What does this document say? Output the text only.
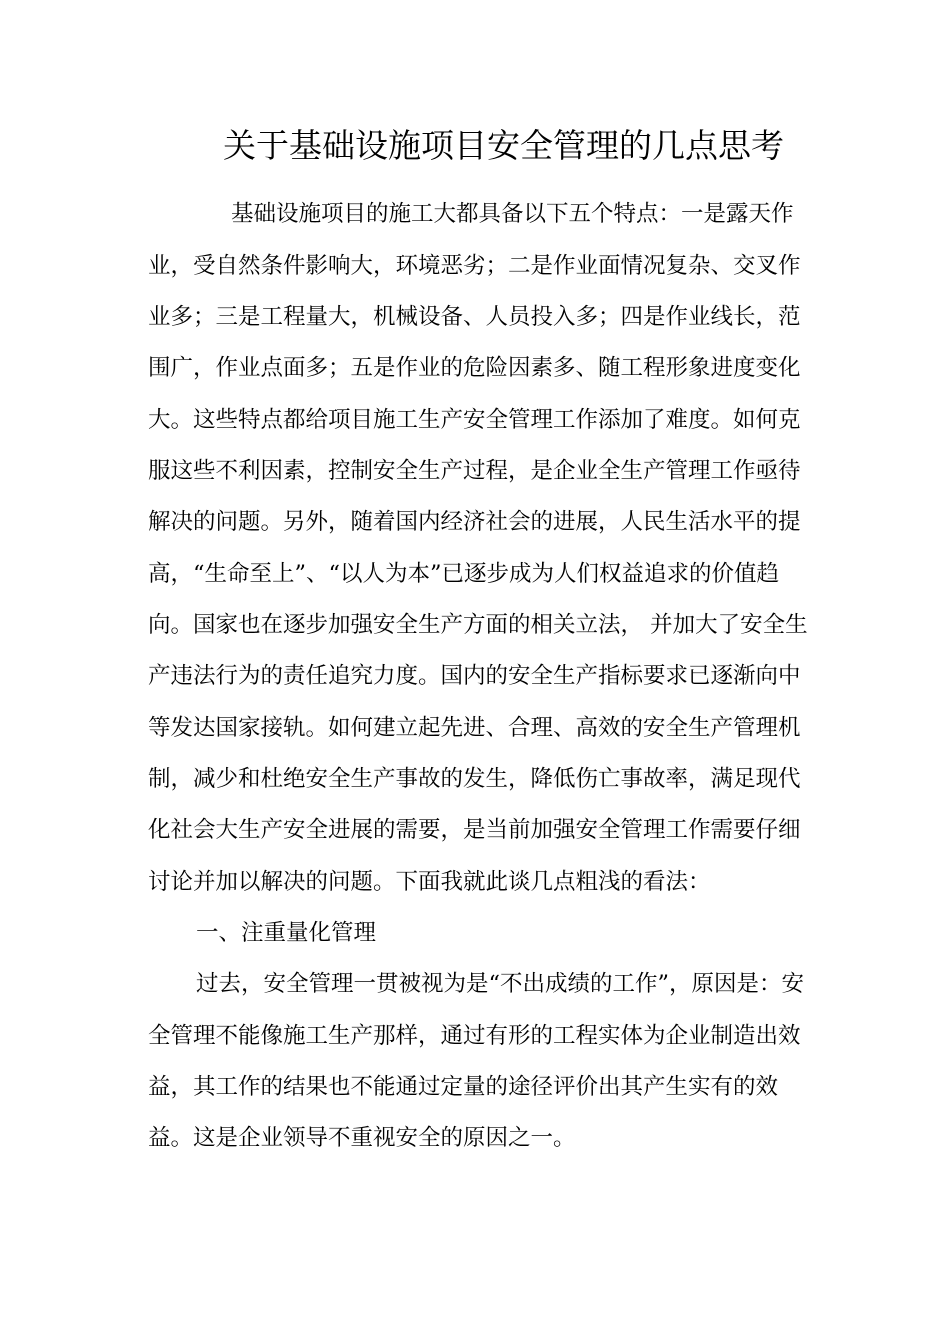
关于基础设施项目安全管理的几点思考

基础设施项目的施工大都具备以下五个特点：一是露天作

业，受自然条件影响大，环境恶劣；二是作业面情况复杂、交叉作

业多；三是工程量大，机械设备、人员投入多；四是作业线长，范

围广，作业点面多；五是作业的危险因素多、随工程形象进度变化

大。这些特点都给项目施工生产安全管理工作添加了难度。如何克

服这些不利因素，控制安全生产过程，是企业全生产管理工作亟待

解决的问题。另外，随着国内经济社会的进展，人民生活水平的提

高，“生命至上”、“以人为本”已逐步成为人们权益追求的价值趋

向。国家也在逐步加强安全生产方面的相关立法， 并加大了安全生

产违法行为的责任追究力度。国内的安全生产指标要求已逐渐向中

等发达国家接轨。如何建立起先进、合理、高效的安全生产管理机

制，减少和杜绝安全生产事故的发生，降低伤亡事故率，满足现代

化社会大生产安全进展的需要，是当前加强安全管理工作需要仔细

讨论并加以解决的问题。下面我就此谈几点粗浅的看法：

一、注重量化管理

过去，安全管理一贯被视为是“不出成绩的工作”，原因是：安

全管理不能像施工生产那样，通过有形的工程实体为企业制造出效

益，其工作的结果也不能通过定量的途径评价出其产生实有的效

益。这是企业领导不重视安全的原因之一。
